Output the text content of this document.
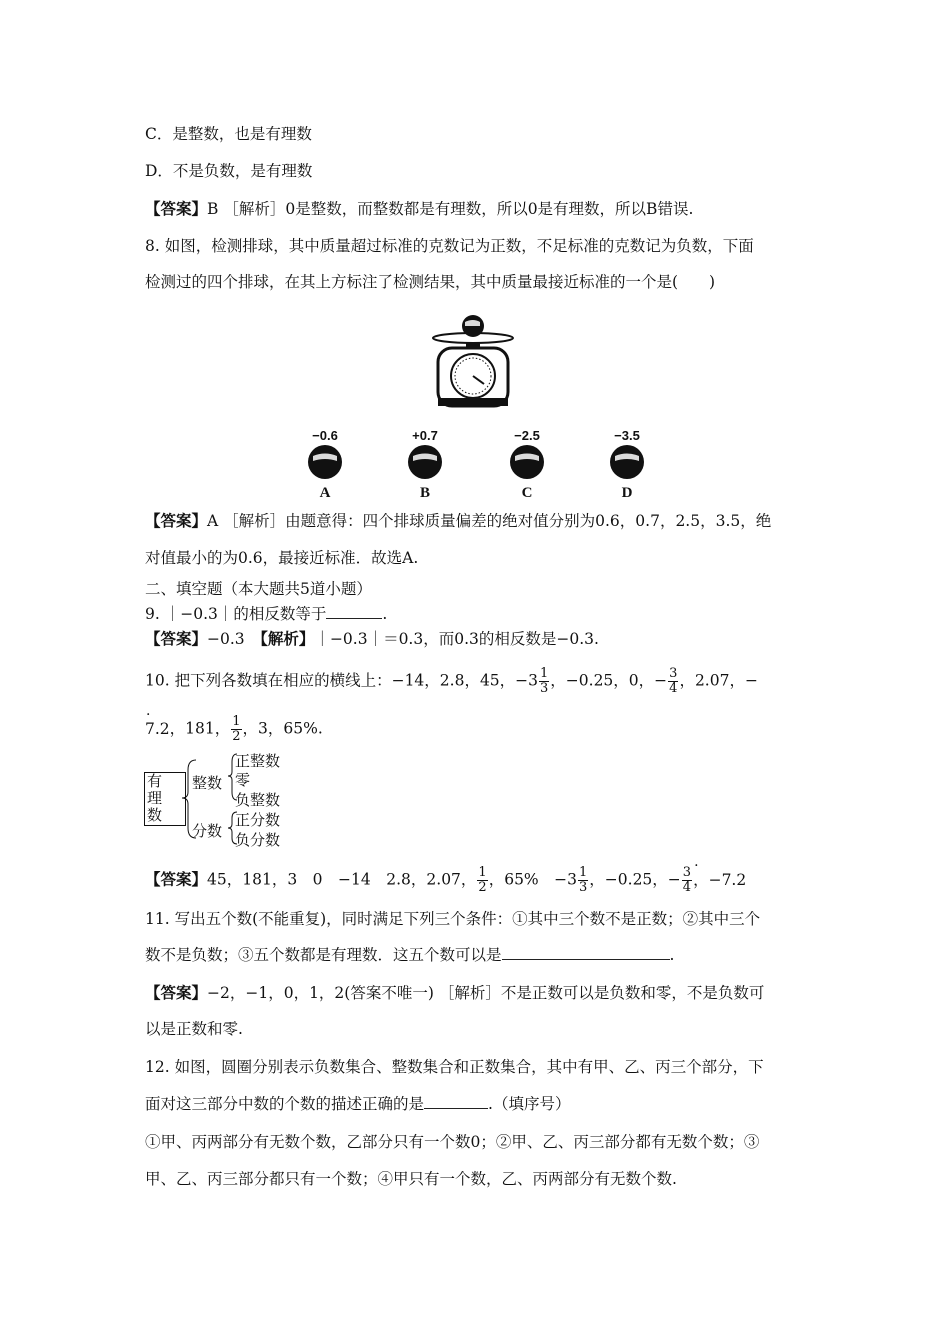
C．是整数，也是有理数
D．不是负数，是有理数
【答案】B ［解析］0是整数，而整数都是有理数，所以0是有理数，所以B错误.
8. 如图，检测排球，其中质量超过标准的克数记为正数，不足标准的克数记为负数，下面
检测过的四个排球，在其上方标注了检测结果，其中质量最接近标准的一个是(　　)
−0.6
A
+0.7
B
−2.5
C
−3.5
D
【答案】A ［解析］由题意得：四个排球质量偏差的绝对值分别为0.6，0.7，2.5，3.5，绝
对值最小的为0.6，最接近标准．故选A.
二、填空题（本大题共5道小题）
9. ｜−0.3｜的相反数等于	.
【答案】−0.3　 【解析】｜−0.3｜＝0.3，而0.3的相反数是−0.3.
10. 把下列各数填在相应的横线上：−14，2.8，45，$-3 \frac{1}{3}$ ，−0.25，0，− $\frac{3}{4}$ ，2.07，−
· 7.2，181， $\frac{1}{2}$ ，3，65%.
有
理
数
整数
分数
正整数
零
负整数
正分数
负分数
【答案】45，181，3　0　−14　2.8，2.07， $\frac{1}{2}$ ，65%　$-3 \frac{1}{3}$ ，−0.25，− $\frac{3}{4}$
· ，−7.2
11. 写出五个数(不能重复)，同时满足下列三个条件：①其中三个数不是正数；②其中三个
数不是负数；③五个数都是有理数．这五个数可以是	.
【答案】−2，−1，0，1，2(答案不唯一) ［解析］不是正数可以是负数和零，不是负数可
以是正数和零.
12. 如图，圆圈分别表示负数集合、整数集合和正数集合，其中有甲、乙、丙三个部分，下
面对这三部分中数的个数的描述正确的是	.（填序号）
①甲、丙两部分有无数个数，乙部分只有一个数0；②甲、乙、丙三部分都有无数个数；③
甲、乙、丙三部分都只有一个数；④甲只有一个数，乙、丙两部分有无数个数.
